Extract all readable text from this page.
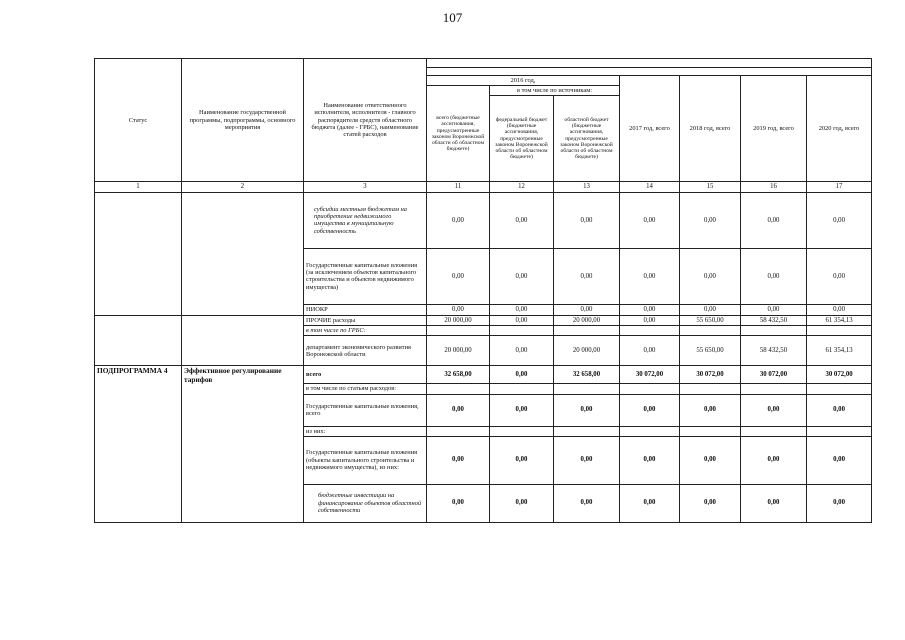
107
Статус	Наименование государственной программы, подпрограммы, основного мероприятия	Наименование ответственного исполнителя, исполнителя - главного распорядителя средств областного бюджета (далее - ГРБС), наименование статей расходов							

			2016 год,			2017 год, всего	2018 год, всего	2019 год, всего	2020 год, всего
			всего (бюджетные ассигнования, предусмотренные законом Воронежской области об областном бюджете)	в том числе по источникам:					
				федеральный бюджет (бюджетные ассигнования, предусмотренные законом Воронежской области об областном бюджете)	областной бюджет (бюджетные ассигнования, предусмотренные законом Воронежской области об областном бюджете)				

1	2	3	11	12	13	14	15	16	17
		субсидии местным бюджетам на приобретение недвижимого имущества в муниципальную собственность	0,00	0,00	0,00	0,00	0,00	0,00	0,00
		Государственные капитальные вложения (за исключением объектов капитального строительства и объектов недвижимого имущества)	0,00	0,00	0,00	0,00	0,00	0,00	0,00
		НИОКР	0,00	0,00	0,00	0,00	0,00	0,00	0,00
		ПРОЧИЕ расходы	20 000,00	0,00	20 000,00	0,00	55 650,00	58 432,50	61 354,13
		в том числе по ГРБС:							
		департамент экономического развития Воронежской области	20 000,00	0,00	20 000,00	0,00	55 650,00	58 432,50	61 354,13
ПОДПРОГРАММА 4	Эффективное регулирование тарифов	всего	32 658,00	0,00	32 658,00	30 072,00	30 072,00	30 072,00	30 072,00
		в том числе по статьям расходов:							
		Государственные капитальные вложения, всего	0,00	0,00	0,00	0,00	0,00	0,00	0,00
		из них:							
		Государственные капитальные вложения (объекты капитального строительства и недвижимого имущества), из них:	0,00	0,00	0,00	0,00	0,00	0,00	0,00
		бюджетные инвестиции на финансирование объектов областной собственности	0,00	0,00	0,00	0,00	0,00	0,00	0,00
